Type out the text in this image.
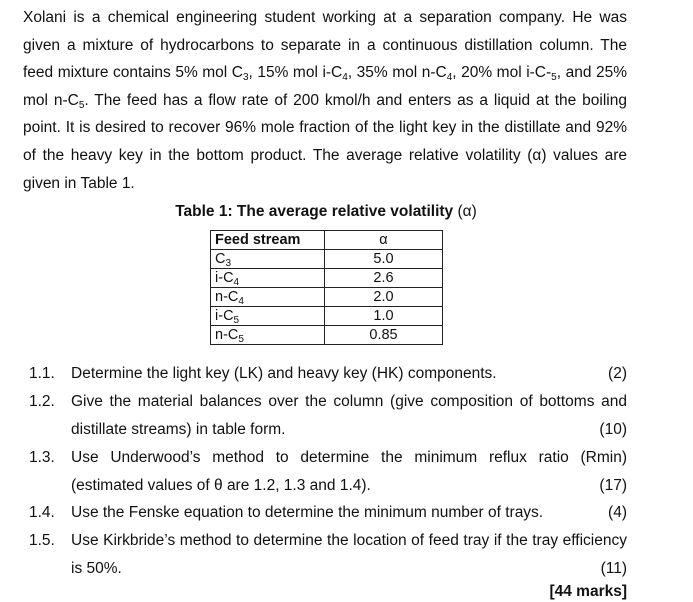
Xolani is a chemical engineering student working at a separation company. He was given a mixture of hydrocarbons to separate in a continuous distillation column. The feed mixture contains 5% mol $C_3$, 15% mol $i-C_4$, 35% mol $n-C_4$, 20% mol $i-C-_5$, and 25% mol $n-C_5$. The feed has a flow rate of 200 kmol/h and enters as a liquid at the boiling point. It is desired to recover 96% mole fraction of the light key in the distillate and 92% of the heavy key in the bottom product. The average relative volatility (α) values are given in Table 1.

Table 1: The average relative volatility (α)
Feed stream	α
$C_3$	5.0
$i-C_4$	2.6
$n-C_4$	2.0
$i-C_5$	1.0
$n-C_5$	0.85
1.1.	(2)
Determine the light key (LK) and heavy key (HK) components.
1.2. Give the material balances over the column (give composition of bottoms and distillate streams) in table form.	(10)
1.3. Use Underwood’s method to determine the minimum reflux ratio (Rmin) (estimated values of θ are 1.2, 1.3 and 1.4).	(17)
1.4.	(4)
Use the Fenske equation to determine the minimum number of trays.
1.5. Use Kirkbride’s method to determine the location of feed tray if the tray efficiency is 50%.	(11)
[44 marks]
